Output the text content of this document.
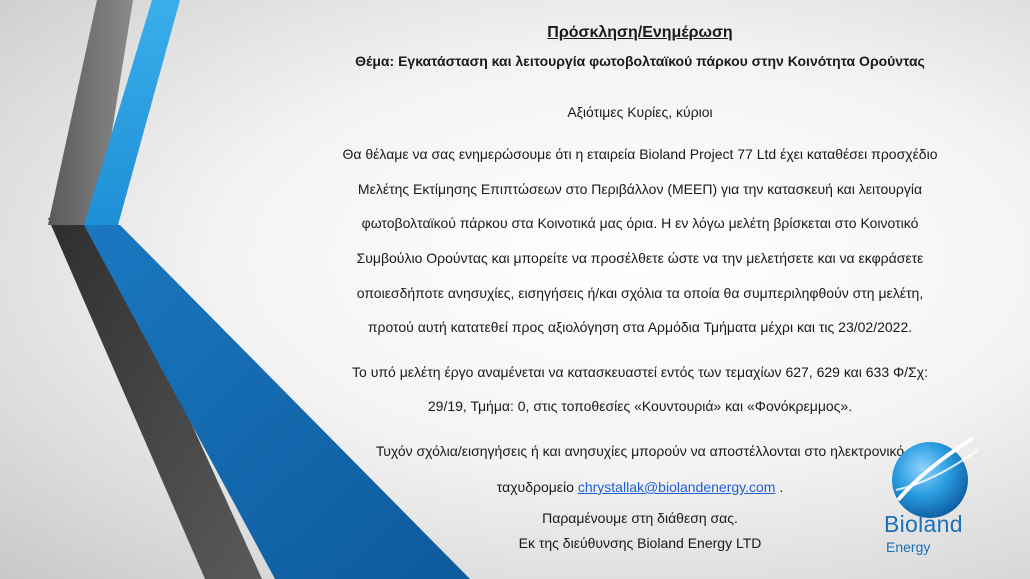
Πρόσκληση/Ενημέρωση
Θέμα: Εγκατάσταση και λειτουργία φωτοβολταϊκού πάρκου στην Κοινότητα Ορούντας
Αξιότιμες Κυρίες, κύριοι
Θα θέλαμε να σας ενημερώσουμε ότι η εταιρεία Bioland Project 77 Ltd έχει καταθέσει προσχέδιο
Μελέτης Εκτίμησης Επιπτώσεων στο Περιβάλλον (ΜΕΕΠ) για την κατασκευή και λειτουργία
φωτοβολταϊκού πάρκου στα Κοινοτικά μας όρια. Η εν λόγω μελέτη βρίσκεται στο Κοινοτικό
Συμβούλιο Ορούντας και μπορείτε να προσέλθετε ώστε να την μελετήσετε και να εκφράσετε
οποιεσδήποτε ανησυχίες, εισηγήσεις ή/και σχόλια τα οποία θα συμπεριληφθούν στη μελέτη,
προτού αυτή κατατεθεί προς αξιολόγηση στα Αρμόδια Τμήματα μέχρι και τις 23/02/2022.
Το υπό μελέτη έργο αναμένεται να κατασκευαστεί εντός των τεμαχίων 627, 629 και 633 Φ/Σχ:
29/19, Τμήμα: 0, στις τοποθεσίες «Κουντουριά» και «Φονόκρεμμος».
Τυχόν σχόλια/εισηγήσεις ή και ανησυχίες μπορούν να αποστέλλονται στο ηλεκτρονικό
ταχυδρομείο chrystallak@biolandenergy.com .
Παραμένουμε στη διάθεση σας.
Εκ της διεύθυνσης Bioland Energy LTD
Bioland
Energy
